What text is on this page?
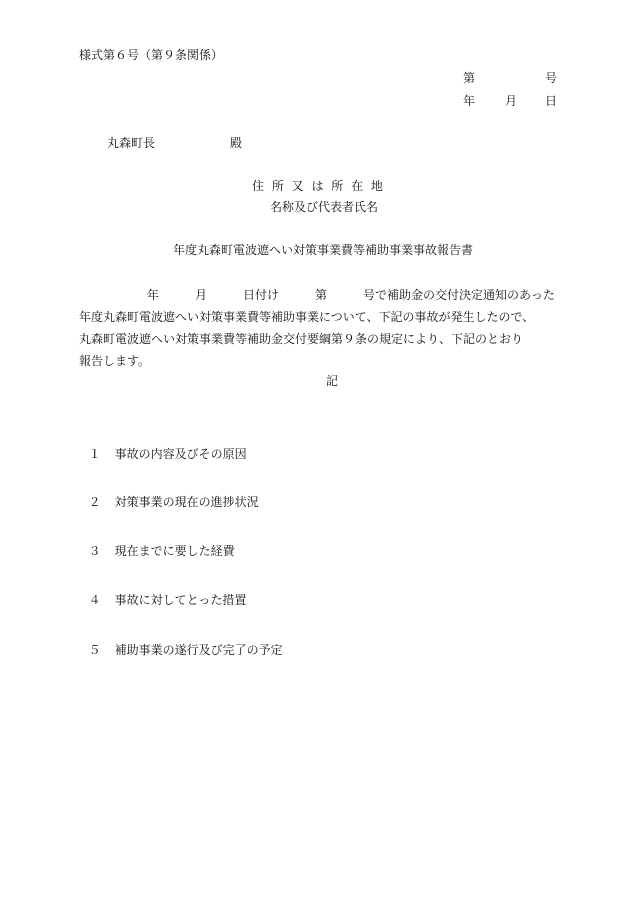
様式第６号（第９条関係）
第	号
年 月 日
丸森町長	殿
住 所 又 は 所 在 地
名称及び代表者氏名
年度丸森町電波遮へい対策事業費等補助事業事故報告書
年　　　月　　　日付け　　　第　　　号で補助金の交付決定通知のあった
年度丸森町電波遮へい対策事業費等補助事業について、下記の事故が発生したので、
丸森町電波遮へい対策事業費等補助金交付要綱第９条の規定により、下記のとおり
報告します。
記

１ 事故の内容及びその原因

２ 対策事業の現在の進捗状況

３ 現在までに要した経費

４ 事故に対してとった措置

５ 補助事業の遂行及び完了の予定
